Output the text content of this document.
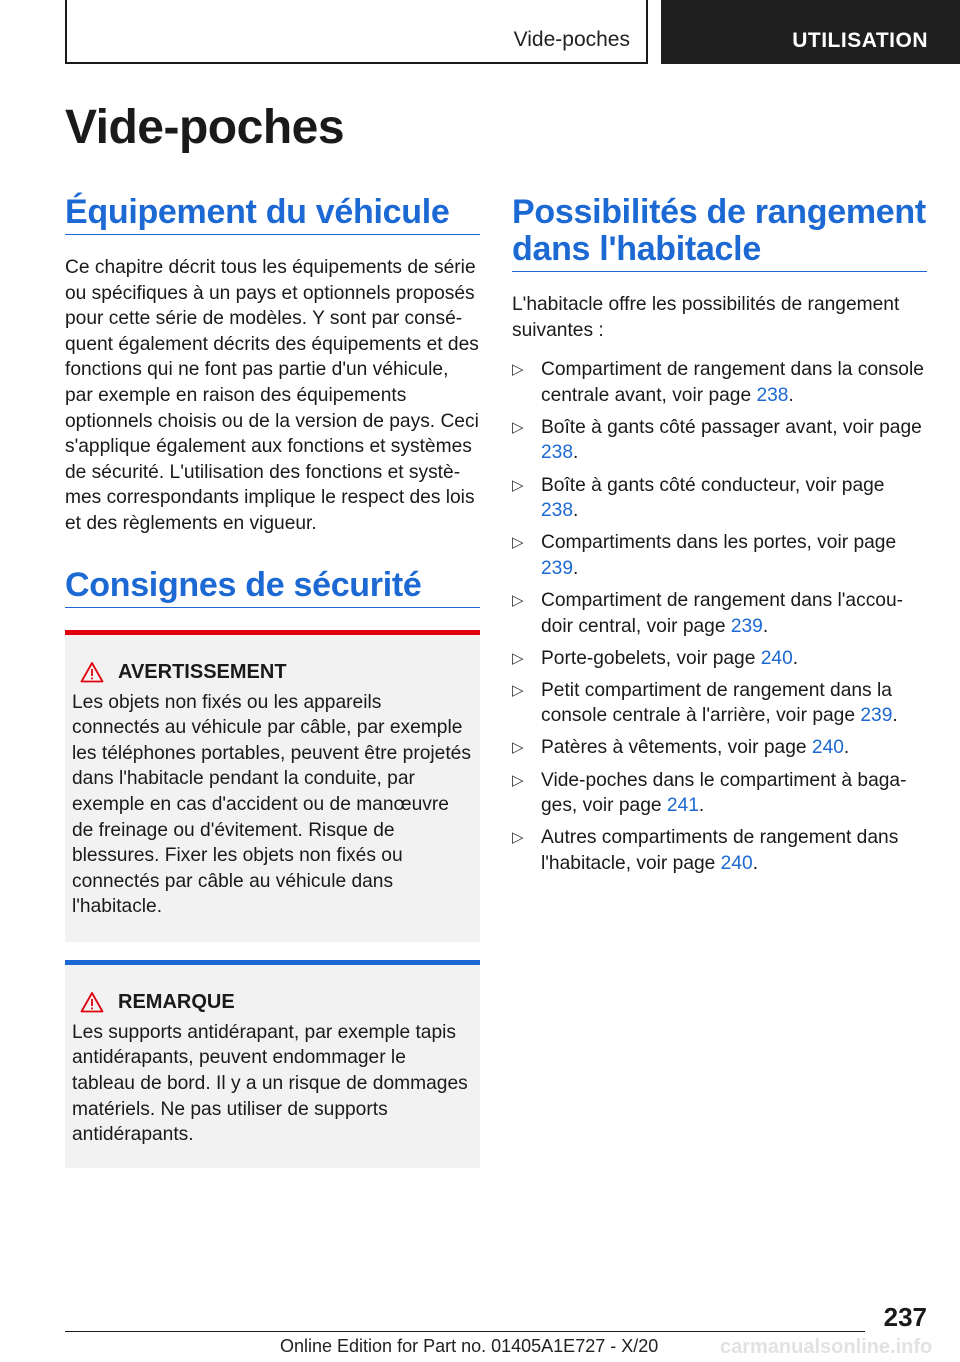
Vide-poches	UTILISATION
Vide-poches
Équipement du véhicule

Ce chapitre décrit tous les équipements de série ou spécifiques à un pays et optionnels proposés pour cette série de modèles. Y sont par conséquent également décrits des équipements et des fonctions qui ne font pas partie d'un véhicule, par exemple en raison des équipements optionnels choisis ou de la version de pays. Ceci s'applique également aux fonctions et systèmes de sécurité. L'utilisation des fonctions et systèmes correspondants implique le respect des lois et des règlements en vigueur.

Consignes de sécurité
AVERTISSEMENT

Les objets non fixés ou les appareils connectés au véhicule par câble, par exemple les téléphones portables, peuvent être projetés dans l'habitacle pendant la conduite, par exemple en cas d'accident ou de manœuvre de freinage ou d'évitement. Risque de blessures. Fixer les objets non fixés ou connectés par câble au véhicule dans l'habitacle.

REMARQUE

Les supports antidérapant, par exemple tapis antidérapants, peuvent endommager le tableau de bord. Il y a un risque de dommages matériels. Ne pas utiliser de supports antidérapants.

Possibilités de rangement dans l'habitacle

L'habitacle offre les possibilités de rangement suivantes :

▷ Compartiment de rangement dans la console centrale avant, voir page 238.
▷ Boîte à gants côté passager avant, voir page 238.
▷ Boîte à gants côté conducteur, voir page 238.
▷ Compartiments dans les portes, voir page 239.
▷ Compartiment de rangement dans l'accoudoir central, voir page 239.
▷ Porte-gobelets, voir page 240.
▷ Petit compartiment de rangement dans la console centrale à l'arrière, voir page 239.
▷ Patères à vêtements, voir page 240.
▷ Vide-poches dans le compartiment à bagages, voir page 241.
▷ Autres compartiments de rangement dans l'habitacle, voir page 240.
237
carmanualsonline.info
Online Edition for Part no. 01405A1E727 - X/20
